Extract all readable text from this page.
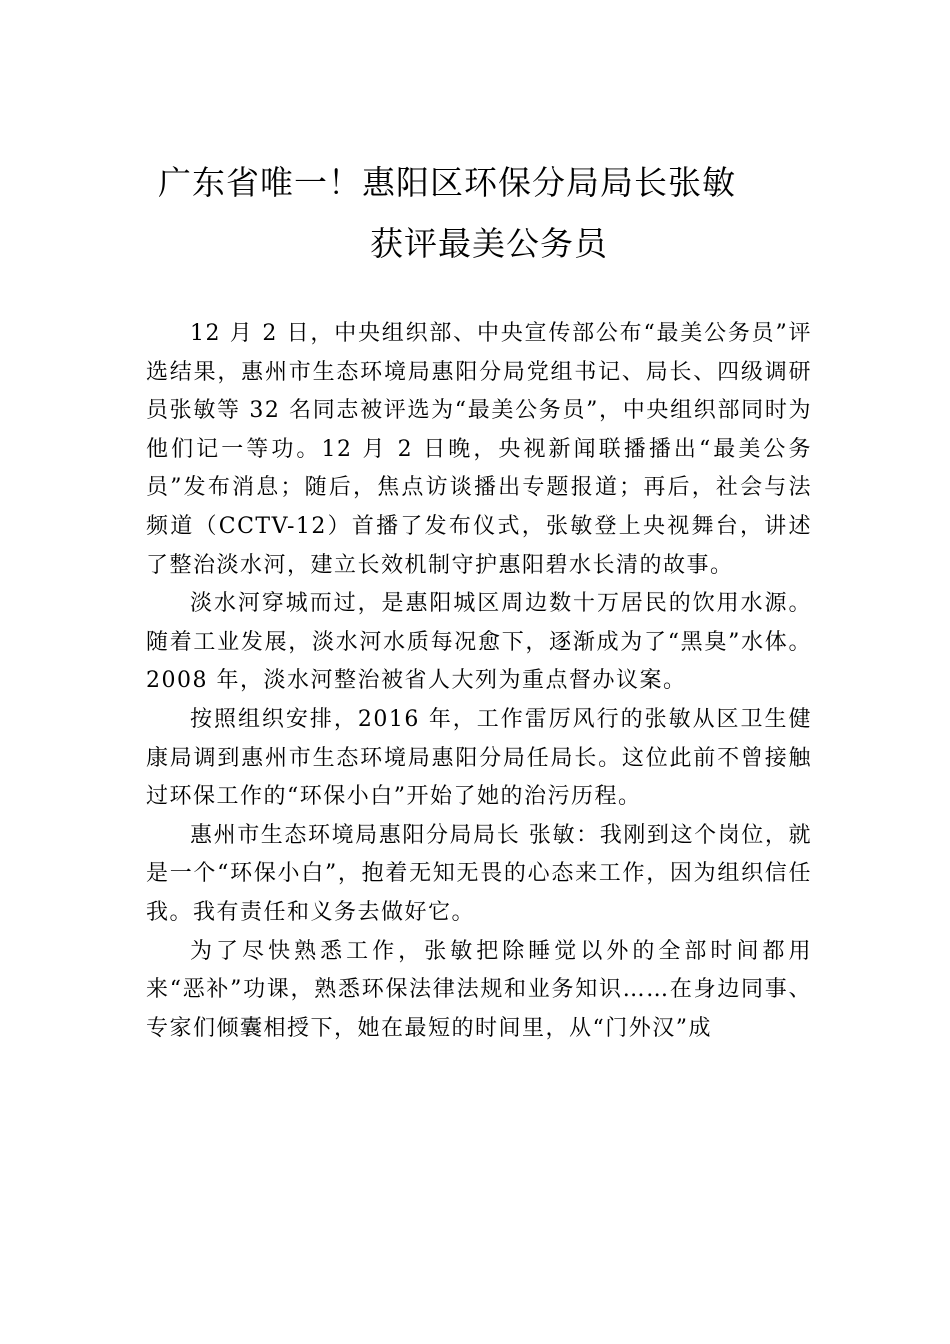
广东省唯一！惠阳区环保分局局长张敏
获评最美公务员

12 月 2 日，中央组织部、中央宣传部公布“最美公务员”评选结果，惠州市生态环境局惠阳分局党组书记、局长、四级调研员张敏等 32 名同志被评选为“最美公务员”，中央组织部同时为他们记一等功。12 月 2 日晚，央视新闻联播播出“最美公务员”发布消息；随后，焦点访谈播出专题报道；再后，社会与法频道（CCTV-12）首播了发布仪式，张敏登上央视舞台，讲述了整治淡水河，建立长效机制守护惠阳碧水长清的故事。

淡水河穿城而过，是惠阳城区周边数十万居民的饮用水源。随着工业发展，淡水河水质每况愈下，逐渐成为了“黑臭”水体。2008 年，淡水河整治被省人大列为重点督办议案。

按照组织安排，2016 年，工作雷厉风行的张敏从区卫生健康局调到惠州市生态环境局惠阳分局任局长。这位此前不曾接触过环保工作的“环保小白”开始了她的治污历程。

惠州市生态环境局惠阳分局局长 张敏：我刚到这个岗位，就是一个“环保小白”，抱着无知无畏的心态来工作，因为组织信任我。我有责任和义务去做好它。

为了尽快熟悉工作，张敏把除睡觉以外的全部时间都用来“恶补”功课，熟悉环保法律法规和业务知识……在身边同事、专家们倾囊相授下，她在最短的时间里，从“门外汉”成
